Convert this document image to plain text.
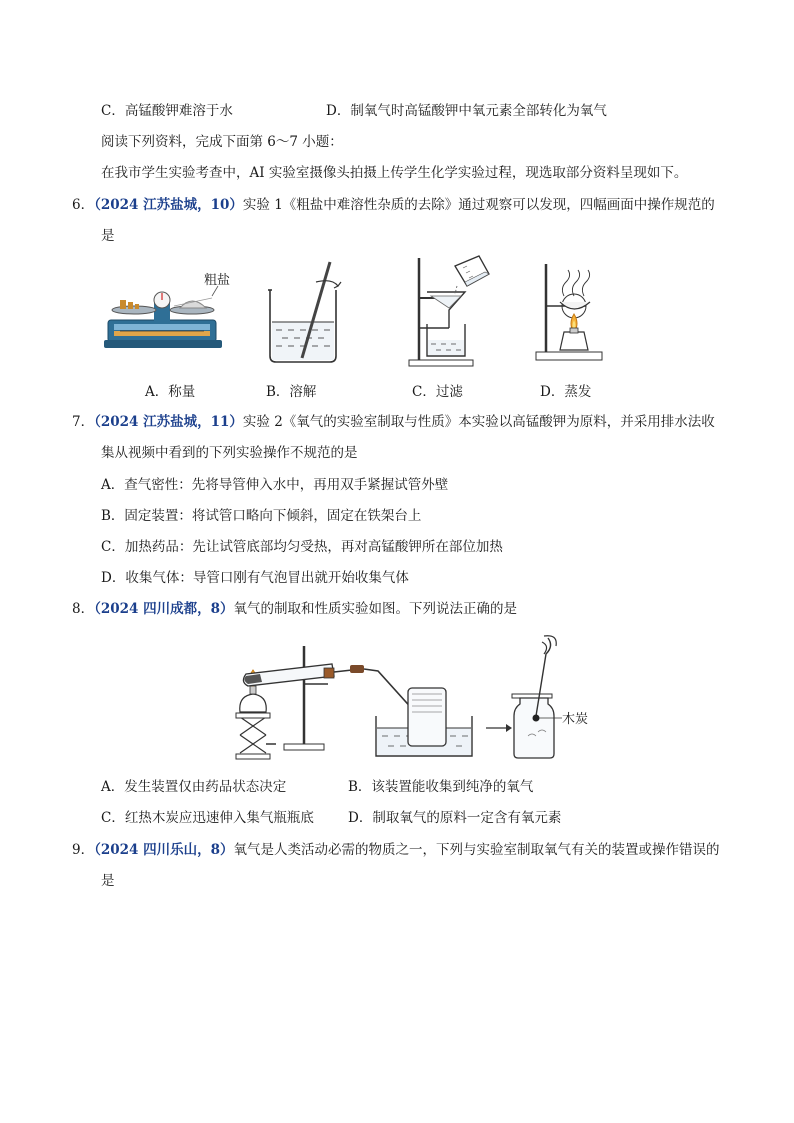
C．高锰酸钾难溶于水	D．制氧气时高锰酸钾中氧元素全部转化为氧气
阅读下列资料，完成下面第 6～7 小题：
在我市学生实验考查中，AI 实验室摄像头拍摄上传学生化学实验过程，现选取部分资料呈现如下。
6．（2024 江苏盐城，10）实验 1《粗盐中难溶性杂质的去除》通过观察可以发现，四幅画面中操作规范的
是
粗盐
A．称量	B．溶解	C．过滤	D．蒸发
7．（2024 江苏盐城，11）实验 2《氧气的实验室制取与性质》本实验以高锰酸钾为原料，并采用排水法收
集从视频中看到的下列实验操作不规范的是
A．查气密性：先将导管伸入水中，再用双手紧握试管外壁
B．固定装置：将试管口略向下倾斜，固定在铁架台上
C．加热药品：先让试管底部均匀受热，再对高锰酸钾所在部位加热
D．收集气体：导管口刚有气泡冒出就开始收集气体
8．（2024 四川成都，8）氧气的制取和性质实验如图。下列说法正确的是
木炭
A．发生装置仅由药品状态决定	B．该装置能收集到纯净的氧气
C．红热木炭应迅速伸入集气瓶瓶底	D．制取氧气的原料一定含有氧元素
9．（2024 四川乐山，8）氧气是人类活动必需的物质之一，下列与实验室制取氧气有关的装置或操作错误的
是
